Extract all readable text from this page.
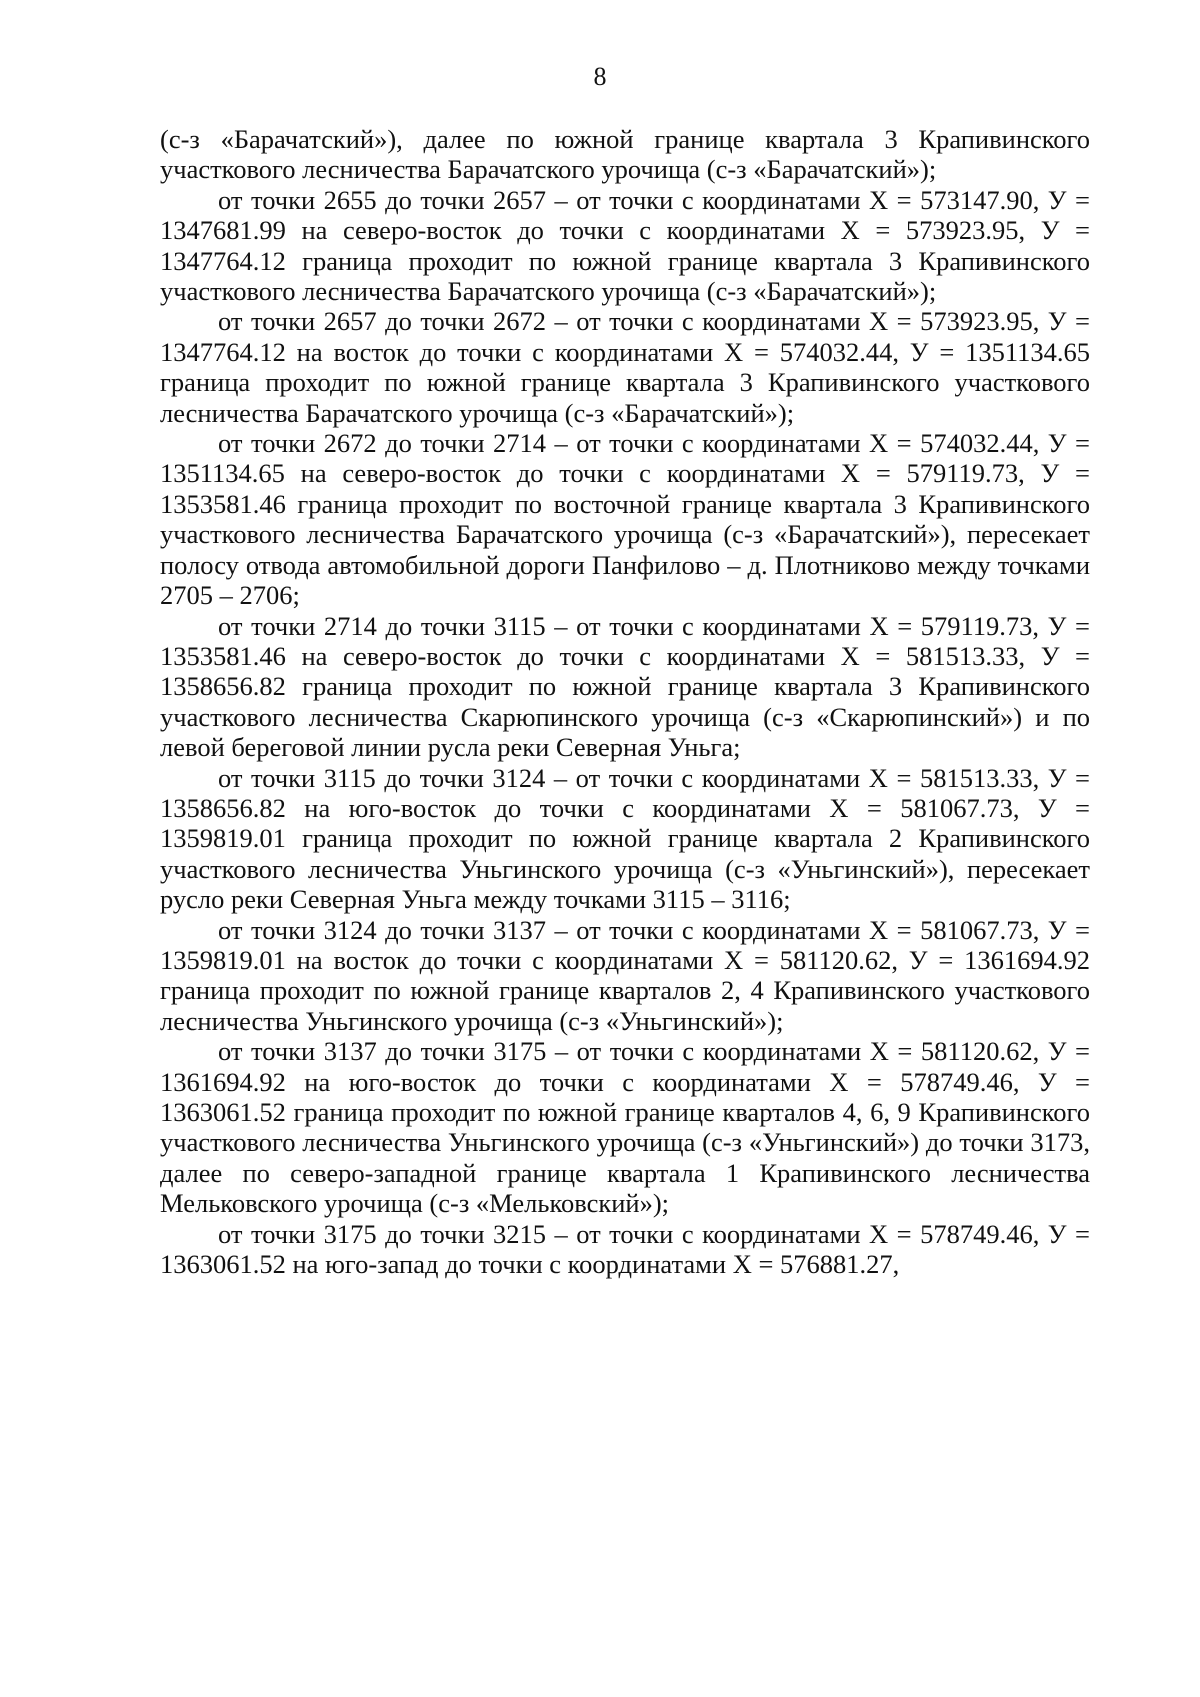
8

(с-з «Барачатский»), далее по южной границе квартала 3 Крапивинского участкового лесничества Барачатского урочища (с-з «Барачатский»);

от точки 2655 до точки 2657 – от точки с координатами Х = 573147.90, У = 1347681.99 на северо-восток до точки с координатами Х = 573923.95, У = 1347764.12 граница проходит по южной границе квартала 3 Крапивинского участкового лесничества Барачатского урочища (с-з «Барачатский»);

от точки 2657 до точки 2672 – от точки с координатами Х = 573923.95, У = 1347764.12 на восток до точки с координатами Х = 574032.44, У = 1351134.65 граница проходит по южной границе квартала 3 Крапивинского участкового лесничества Барачатского урочища (с-з «Барачатский»);

от точки 2672 до точки 2714 – от точки с координатами Х = 574032.44, У = 1351134.65 на северо-восток до точки с координатами Х = 579119.73, У = 1353581.46 граница проходит по восточной границе квартала 3 Крапивинского участкового лесничества Барачатского урочища (с-з «Барачатский»), пересекает полосу отвода автомобильной дороги Панфилово – д. Плотниково между точками 2705 – 2706;

от точки 2714 до точки 3115 – от точки с координатами Х = 579119.73, У = 1353581.46 на северо-восток до точки с координатами Х = 581513.33, У = 1358656.82 граница проходит по южной границе квартала 3 Крапивинского участкового лесничества Скарюпинского урочища (с-з «Скарюпинский») и по левой береговой линии русла реки Северная Уньга;

от точки 3115 до точки 3124 – от точки с координатами Х = 581513.33, У = 1358656.82 на юго-восток до точки с координатами Х = 581067.73, У = 1359819.01 граница проходит по южной границе квартала 2 Крапивинского участкового лесничества Уньгинского урочища (с-з «Уньгинский»), пересекает русло реки Северная Уньга между точками 3115 – 3116;

от точки 3124 до точки 3137 – от точки с координатами Х = 581067.73, У = 1359819.01 на восток до точки с координатами Х = 581120.62, У = 1361694.92 граница проходит по южной границе кварталов 2, 4 Крапивинского участкового лесничества Уньгинского урочища (с-з «Уньгинский»);

от точки 3137 до точки 3175 – от точки с координатами Х = 581120.62, У = 1361694.92 на юго-восток до точки с координатами Х = 578749.46, У = 1363061.52 граница проходит по южной границе кварталов 4, 6, 9 Крапивинского участкового лесничества Уньгинского урочища (с-з «Уньгинский») до точки 3173, далее по северо-западной границе квартала 1 Крапивинского лесничества Мельковского урочища (с-з «Мельковский»);

от точки 3175 до точки 3215 – от точки с координатами Х = 578749.46, У = 1363061.52 на юго-запад до точки с координатами Х = 576881.27,
